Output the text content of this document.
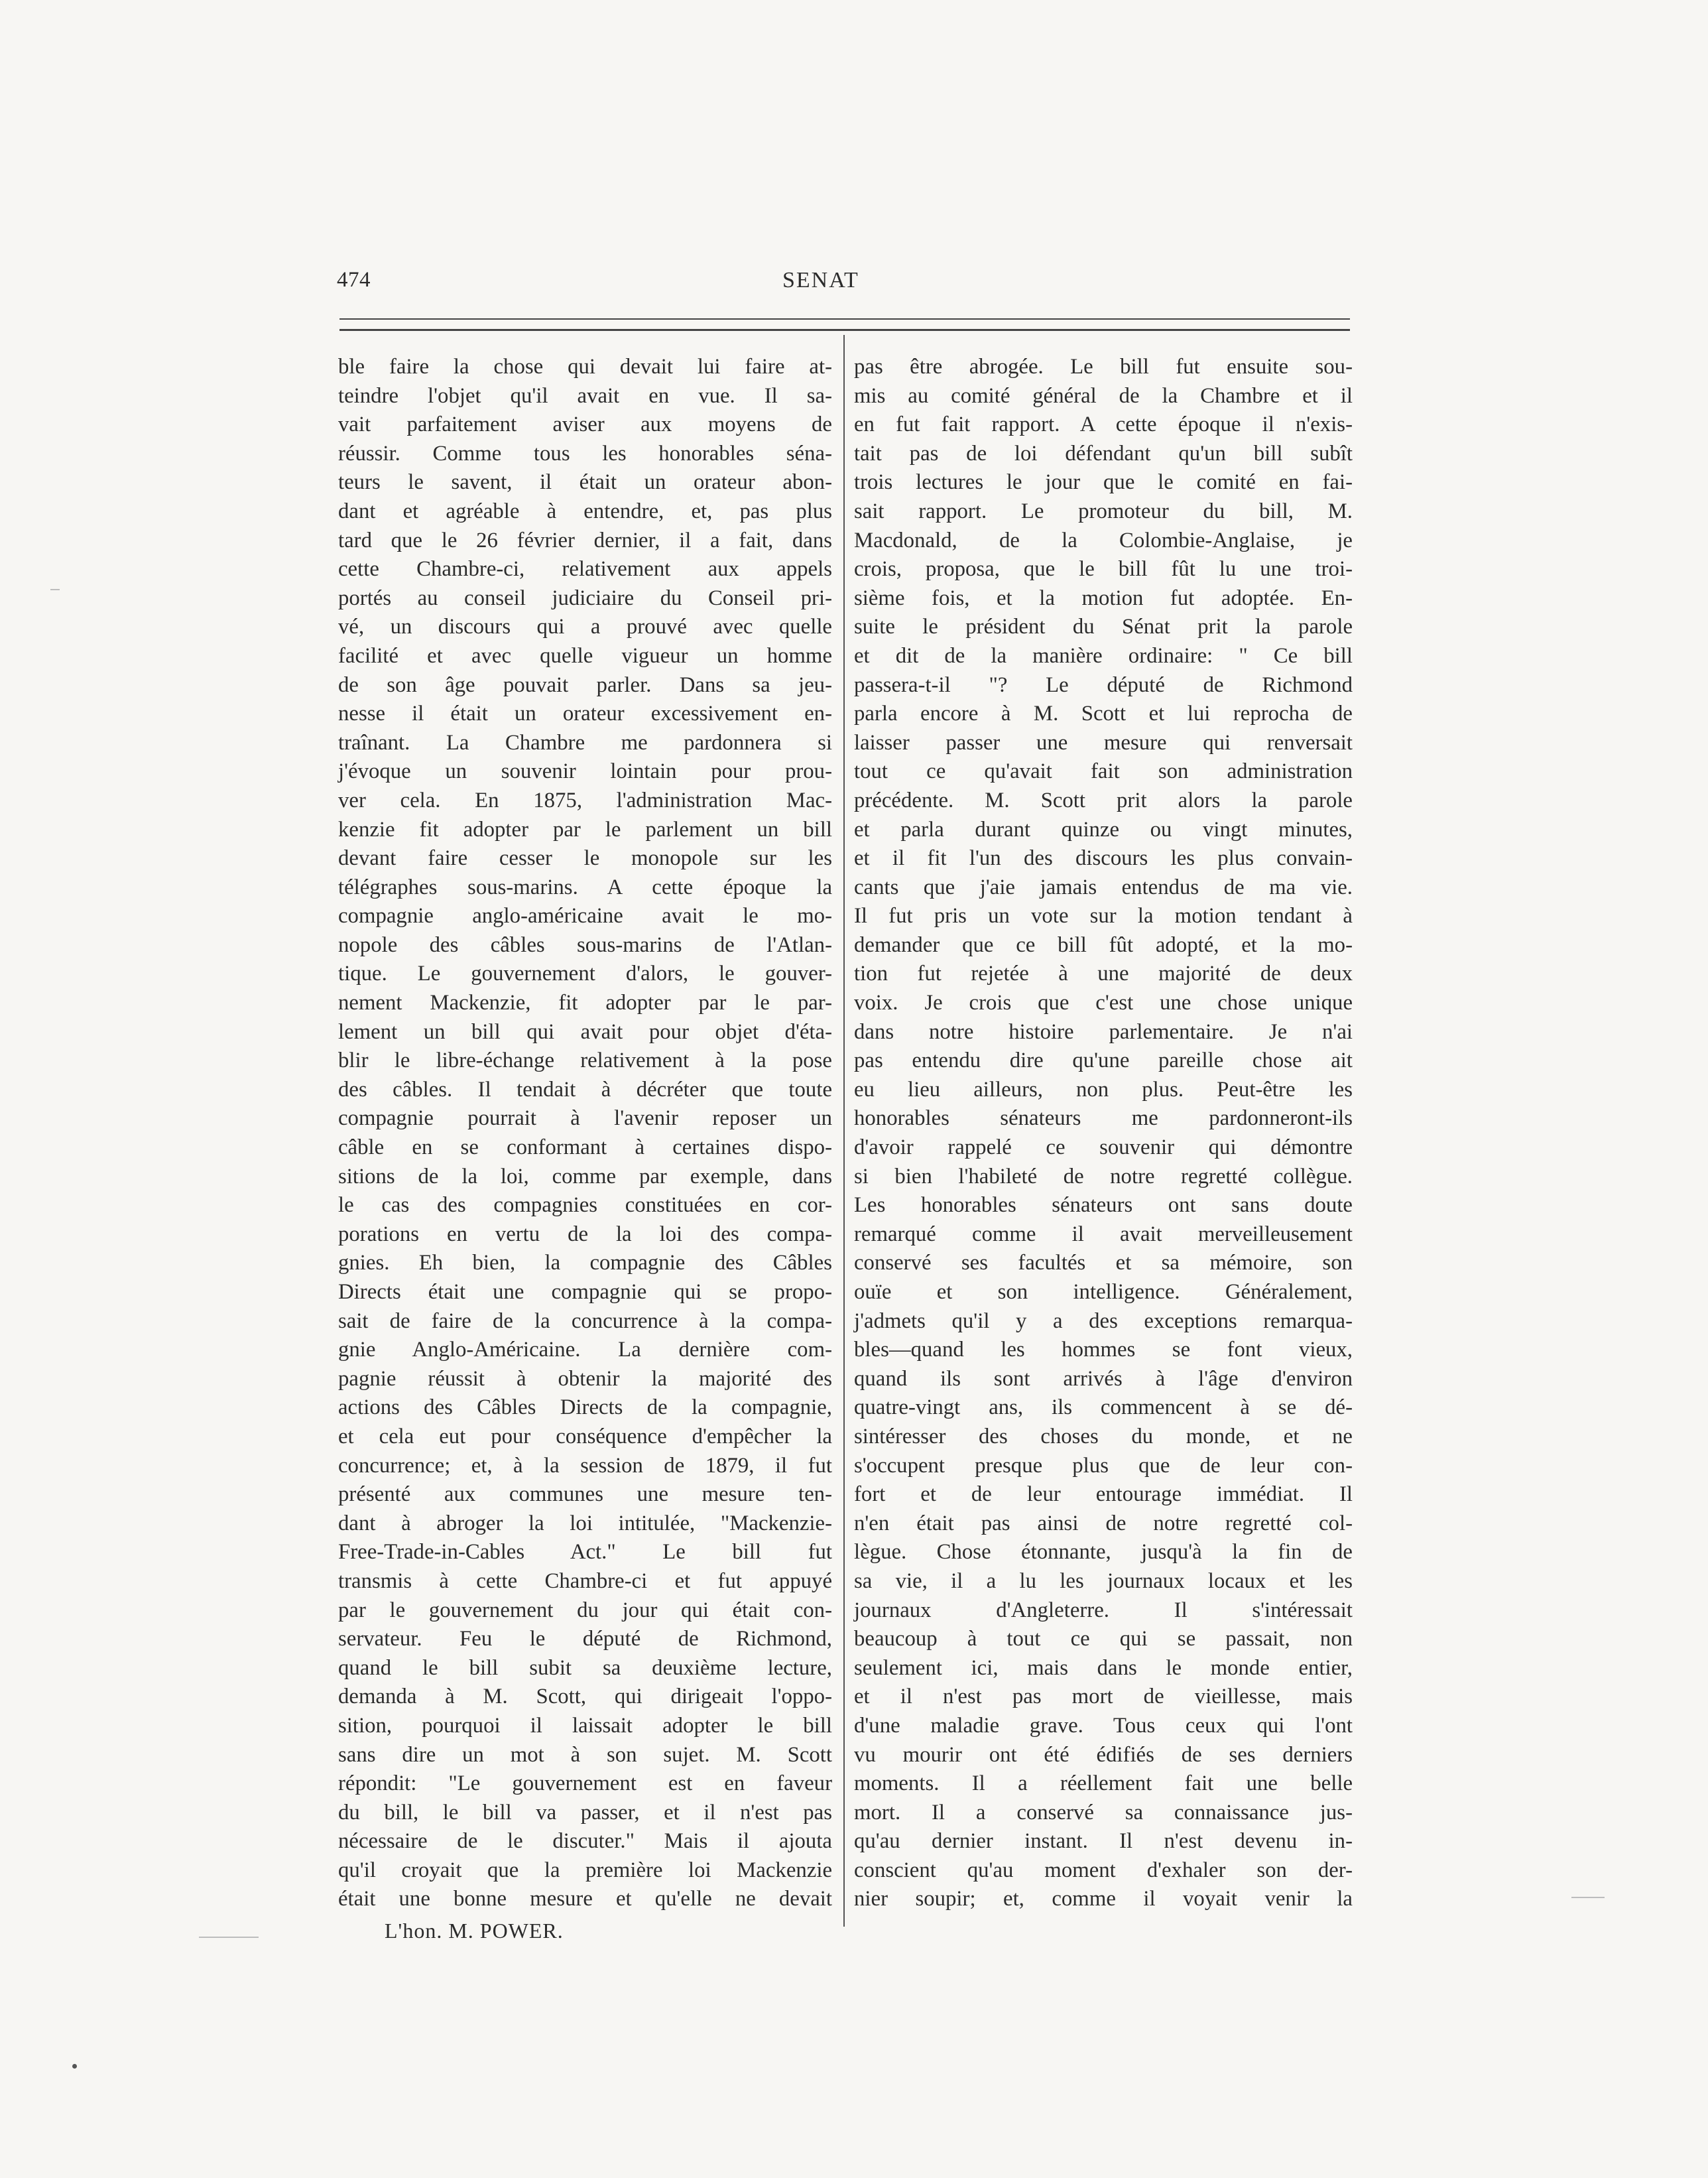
474	SENAT
ble faire la chose qui devait lui faire at-
teindre l'objet qu'il avait en vue. Il sa-
vait parfaitement aviser aux moyens de
réussir. Comme tous les honorables séna-
teurs le savent, il était un orateur abon-
dant et agréable à entendre, et, pas plus
tard que le 26 février dernier, il a fait, dans
cette Chambre-ci, relativement aux appels
portés au conseil judiciaire du Conseil pri-
vé, un discours qui a prouvé avec quelle
facilité et avec quelle vigueur un homme
de son âge pouvait parler. Dans sa jeu-
nesse il était un orateur excessivement en-
traînant. La Chambre me pardonnera si
j'évoque un souvenir lointain pour prou-
ver cela. En 1875, l'administration Mac-
kenzie fit adopter par le parlement un bill
devant faire cesser le monopole sur les
télégraphes sous-marins. A cette époque la
compagnie anglo-américaine avait le mo-
nopole des câbles sous-marins de l'Atlan-
tique. Le gouvernement d'alors, le gouver-
nement Mackenzie, fit adopter par le par-
lement un bill qui avait pour objet d'éta-
blir le libre-échange relativement à la pose
des câbles. Il tendait à décréter que toute
compagnie pourrait à l'avenir reposer un
câble en se conformant à certaines dispo-
sitions de la loi, comme par exemple, dans
le cas des compagnies constituées en cor-
porations en vertu de la loi des compa-
gnies. Eh bien, la compagnie des Câbles
Directs était une compagnie qui se propo-
sait de faire de la concurrence à la compa-
gnie Anglo-Américaine. La dernière com-
pagnie réussit à obtenir la majorité des
actions des Câbles Directs de la compagnie,
et cela eut pour conséquence d'empêcher la
concurrence; et, à la session de 1879, il fut
présenté aux communes une mesure ten-
dant à abroger la loi intitulée, "Mackenzie-
Free-Trade-in-Cables Act." Le bill fut
transmis à cette Chambre-ci et fut appuyé
par le gouvernement du jour qui était con-
servateur. Feu le député de Richmond,
quand le bill subit sa deuxième lecture,
demanda à M. Scott, qui dirigeait l'oppo-
sition, pourquoi il laissait adopter le bill
sans dire un mot à son sujet. M. Scott
répondit: "Le gouvernement est en faveur
du bill, le bill va passer, et il n'est pas
nécessaire de le discuter." Mais il ajouta
qu'il croyait que la première loi Mackenzie
était une bonne mesure et qu'elle ne devait
pas être abrogée. Le bill fut ensuite sou-
mis au comité général de la Chambre et il
en fut fait rapport. A cette époque il n'exis-
tait pas de loi défendant qu'un bill subît
trois lectures le jour que le comité en fai-
sait rapport. Le promoteur du bill, M.
Macdonald, de la Colombie-Anglaise, je
crois, proposa, que le bill fût lu une troi-
sième fois, et la motion fut adoptée. En-
suite le président du Sénat prit la parole
et dit de la manière ordinaire: " Ce bill
passera-t-il "? Le député de Richmond
parla encore à M. Scott et lui reprocha de
laisser passer une mesure qui renversait
tout ce qu'avait fait son administration
précédente. M. Scott prit alors la parole
et parla durant quinze ou vingt minutes,
et il fit l'un des discours les plus convain-
cants que j'aie jamais entendus de ma vie.
Il fut pris un vote sur la motion tendant à
demander que ce bill fût adopté, et la mo-
tion fut rejetée à une majorité de deux
voix. Je crois que c'est une chose unique
dans notre histoire parlementaire. Je n'ai
pas entendu dire qu'une pareille chose ait
eu lieu ailleurs, non plus. Peut-être les
honorables sénateurs me pardonneront-ils
d'avoir rappelé ce souvenir qui démontre
si bien l'habileté de notre regretté collègue.
Les honorables sénateurs ont sans doute
remarqué comme il avait merveilleusement
conservé ses facultés et sa mémoire, son
ouïe et son intelligence. Généralement,
j'admets qu'il y a des exceptions remarqua-
bles—quand les hommes se font vieux,
quand ils sont arrivés à l'âge d'environ
quatre-vingt ans, ils commencent à se dé-
sintéresser des choses du monde, et ne
s'occupent presque plus que de leur con-
fort et de leur entourage immédiat. Il
n'en était pas ainsi de notre regretté col-
lègue. Chose étonnante, jusqu'à la fin de
sa vie, il a lu les journaux locaux et les
journaux d'Angleterre. Il s'intéressait
beaucoup à tout ce qui se passait, non
seulement ici, mais dans le monde entier,
et il n'est pas mort de vieillesse, mais
d'une maladie grave. Tous ceux qui l'ont
vu mourir ont été édifiés de ses derniers
moments. Il a réellement fait une belle
mort. Il a conservé sa connaissance jus-
qu'au dernier instant. Il n'est devenu in-
conscient qu'au moment d'exhaler son der-
nier soupir; et, comme il voyait venir la
L'hon. M. POWER.
